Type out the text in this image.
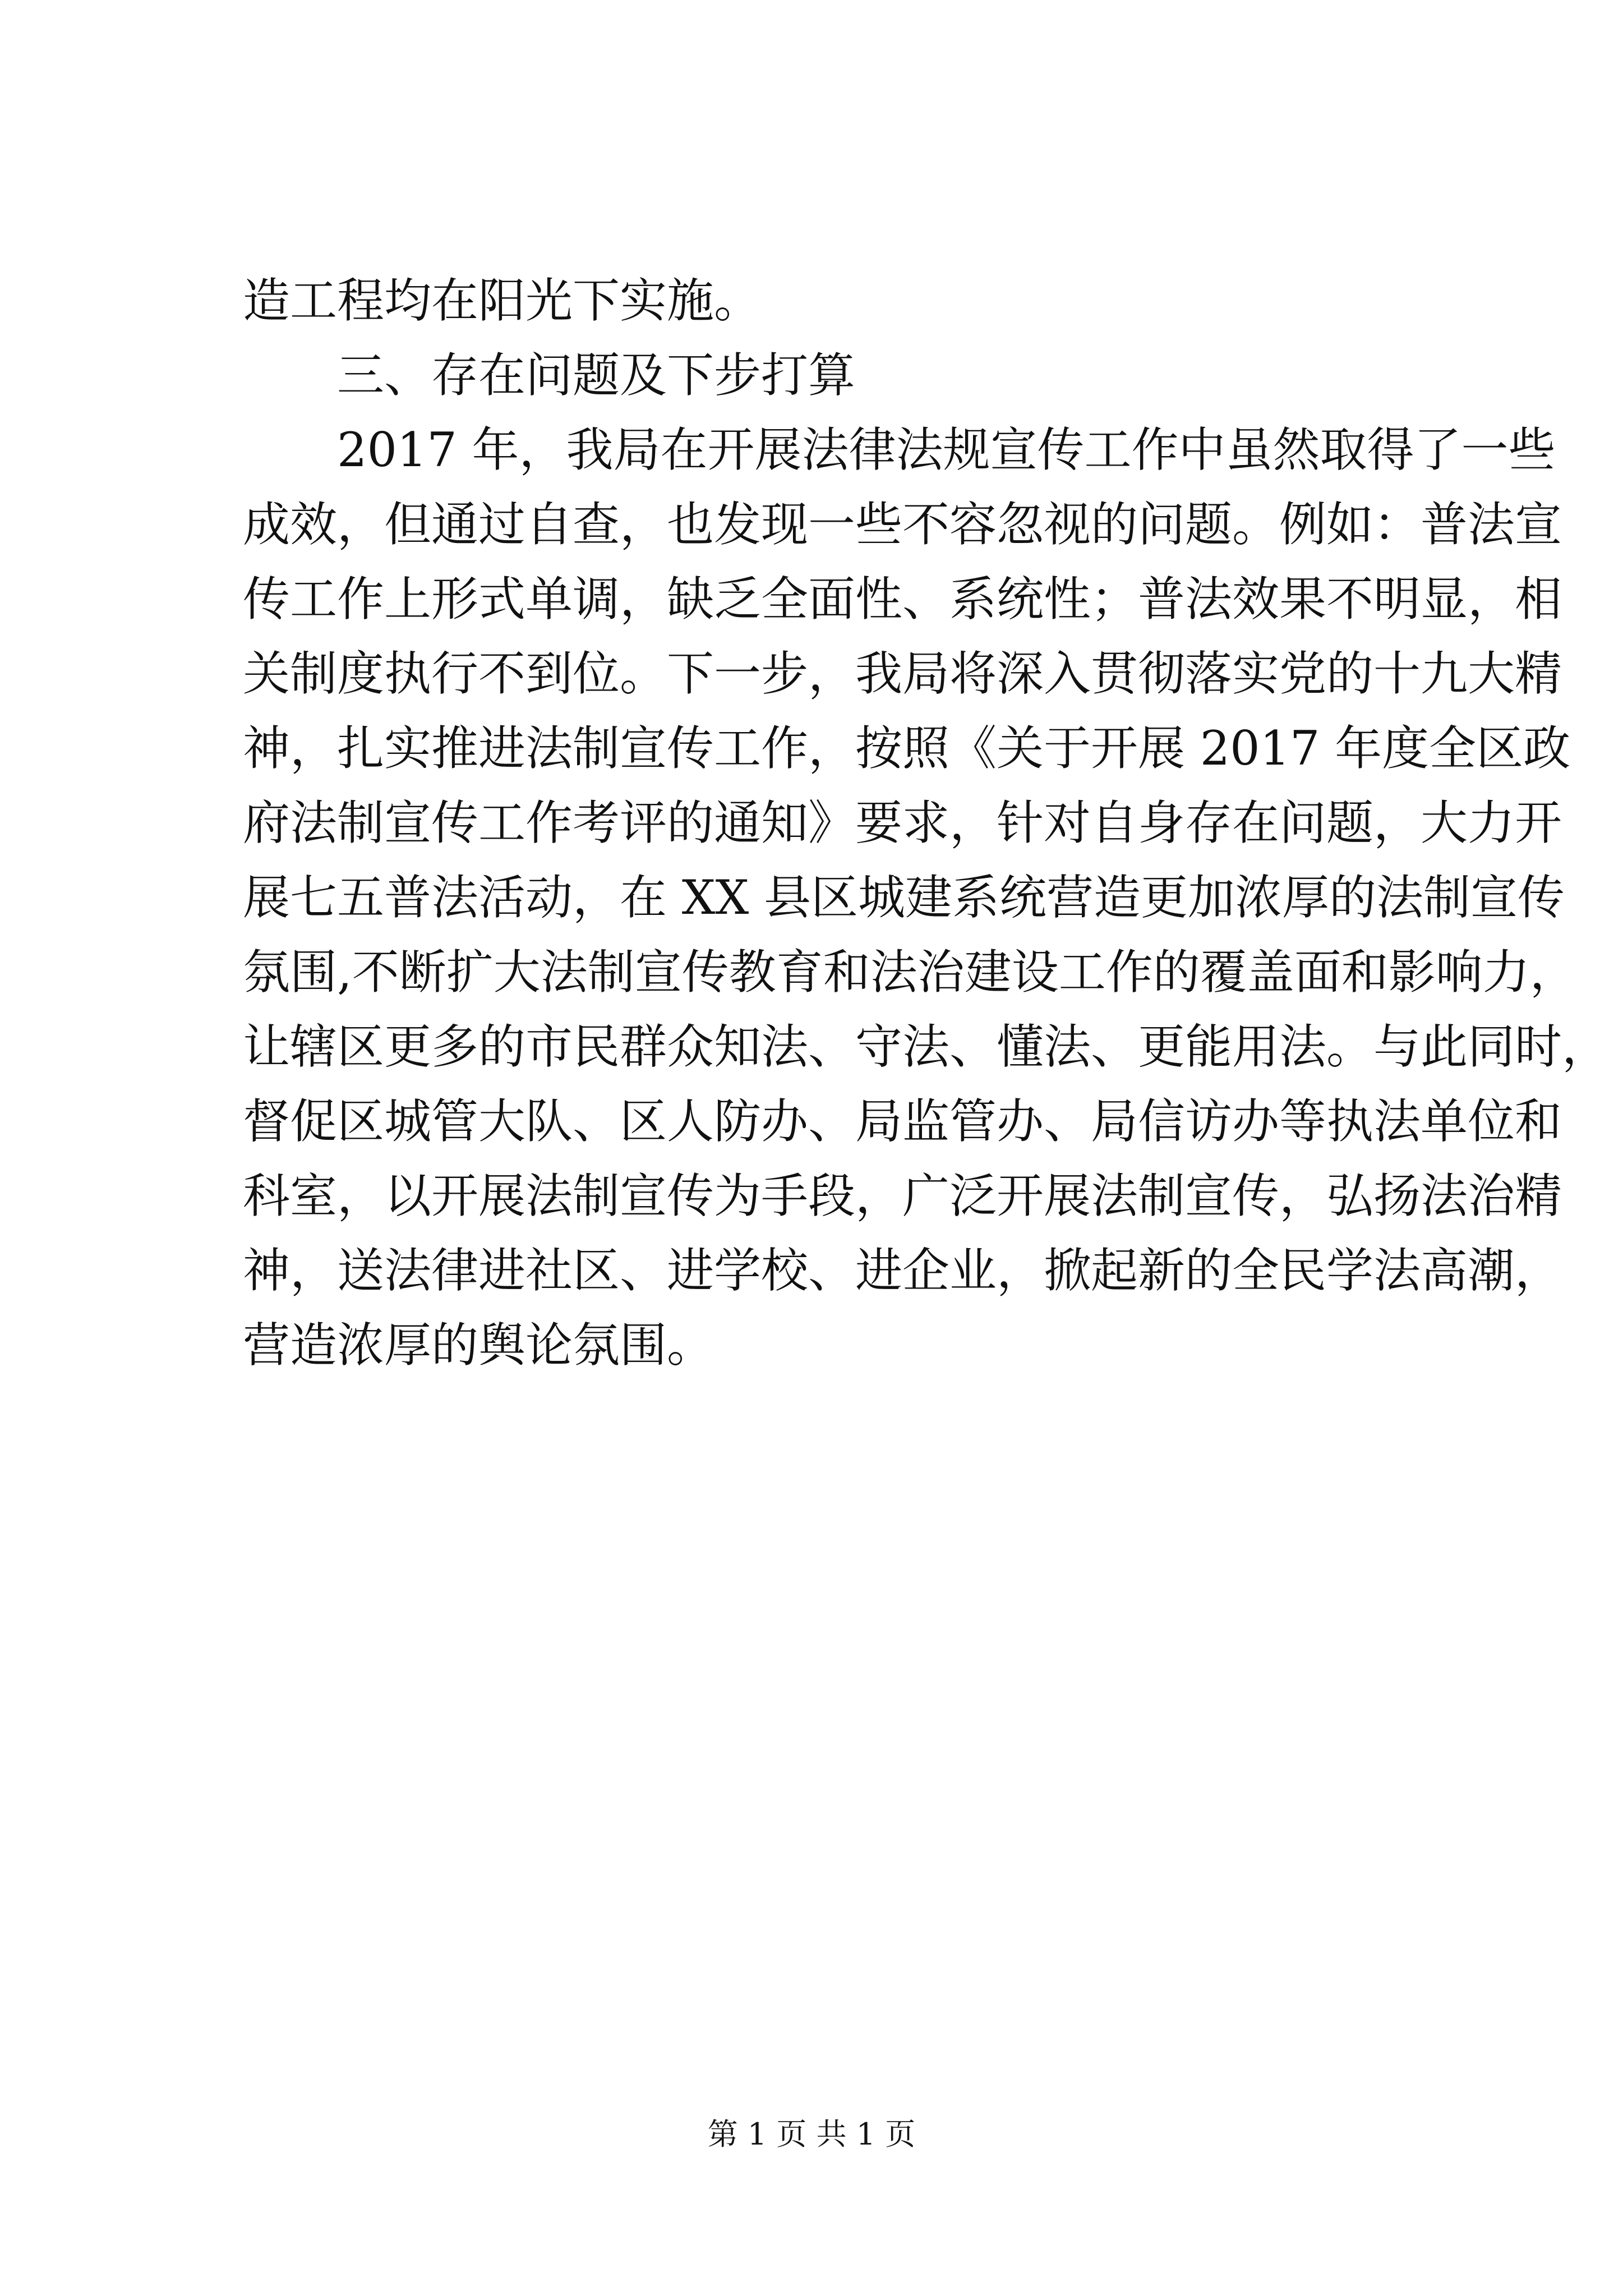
造工程均在阳光下实施。
三、存在问题及下步打算
2017 年，我局在开展法律法规宣传工作中虽然取得了一些
成效，但通过自查，也发现一些不容忽视的问题。例如：普法宣
传工作上形式单调，缺乏全面性、系统性；普法效果不明显，相
关制度执行不到位。下一步，我局将深入贯彻落实党的十九大精
神，扎实推进法制宣传工作，按照《关于开展 2017 年度全区政
府法制宣传工作考评的通知》要求，针对自身存在问题，大力开
展七五普法活动，在 XX 县区城建系统营造更加浓厚的法制宣传
氛围,不断扩大法制宣传教育和法治建设工作的覆盖面和影响力，
让辖区更多的市民群众知法、守法、懂法、更能用法。与此同时，
督促区城管大队、区人防办、局监管办、局信访办等执法单位和
科室，以开展法制宣传为手段，广泛开展法制宣传，弘扬法治精
神，送法律进社区、进学校、进企业，掀起新的全民学法高潮，
营造浓厚的舆论氛围。
第 1 页 共 1 页
